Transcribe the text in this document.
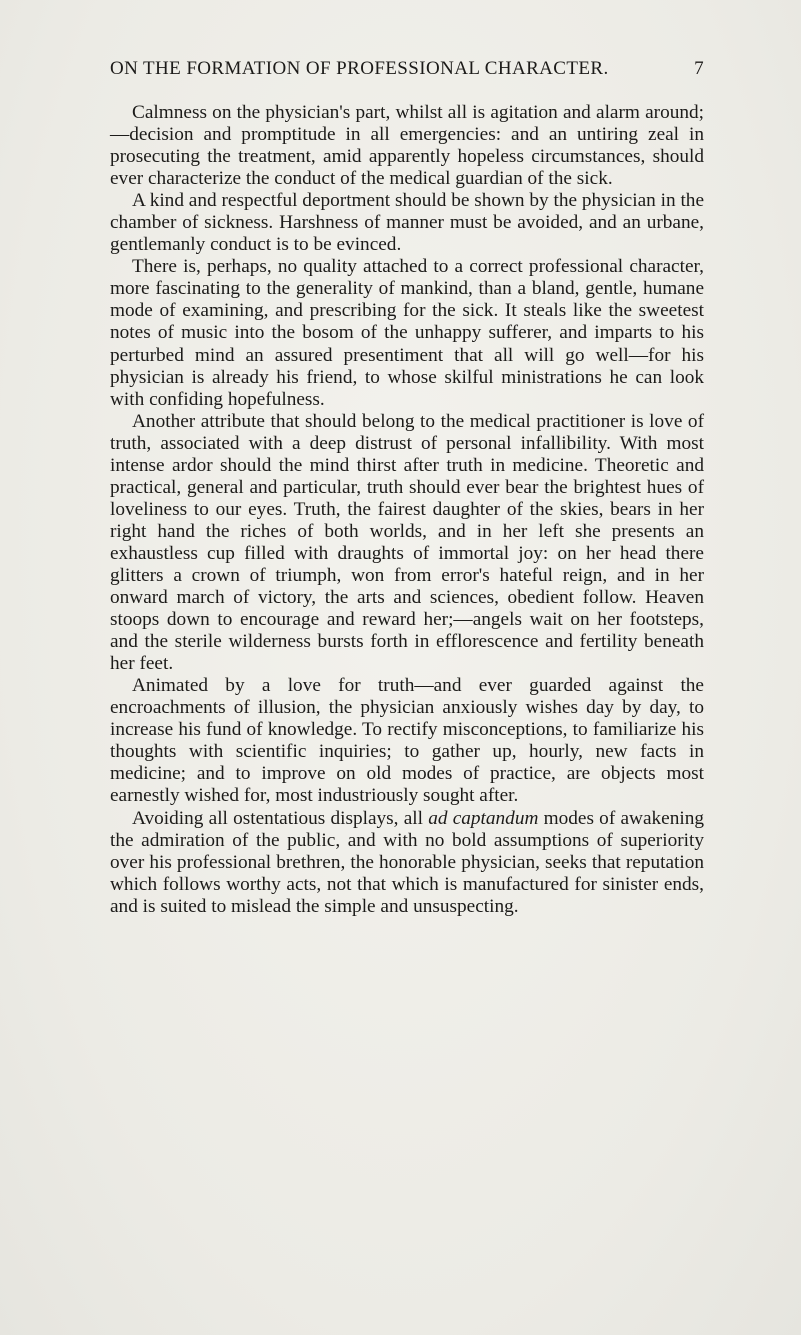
ON THE FORMATION OF PROFESSIONAL CHARACTER.	7

Calmness on the physician's part, whilst all is agitation and alarm around;—decision and promptitude in all emergencies: and an untiring zeal in prosecuting the treatment, amid apparently hopeless circumstances, should ever characterize the conduct of the medical guardian of the sick.

A kind and respectful deportment should be shown by the physician in the chamber of sickness. Harshness of manner must be avoided, and an urbane, gentlemanly conduct is to be evinced.

There is, perhaps, no quality attached to a correct professional character, more fascinating to the generality of mankind, than a bland, gentle, humane mode of examining, and prescribing for the sick. It steals like the sweetest notes of music into the bosom of the unhappy sufferer, and imparts to his perturbed mind an assured presentiment that all will go well—for his physician is already his friend, to whose skilful ministrations he can look with confiding hopefulness.

Another attribute that should belong to the medical practitioner is love of truth, associated with a deep distrust of personal infallibility. With most intense ardor should the mind thirst after truth in medicine. Theoretic and practical, general and particular, truth should ever bear the brightest hues of loveliness to our eyes. Truth, the fairest daughter of the skies, bears in her right hand the riches of both worlds, and in her left she presents an exhaustless cup filled with draughts of immortal joy: on her head there glitters a crown of triumph, won from error's hateful reign, and in her onward march of victory, the arts and sciences, obedient follow. Heaven stoops down to encourage and reward her;—angels wait on her footsteps, and the sterile wilderness bursts forth in efflorescence and fertility beneath her feet.

Animated by a love for truth—and ever guarded against the encroachments of illusion, the physician anxiously wishes day by day, to increase his fund of knowledge. To rectify misconceptions, to familiarize his thoughts with scientific inquiries; to gather up, hourly, new facts in medicine; and to improve on old modes of practice, are objects most earnestly wished for, most industriously sought after.

Avoiding all ostentatious displays, all ad captandum modes of awakening the admiration of the public, and with no bold assumptions of superiority over his professional brethren, the honorable physician, seeks that reputation which follows worthy acts, not that which is manufactured for sinister ends, and is suited to mislead the simple and unsuspecting.
